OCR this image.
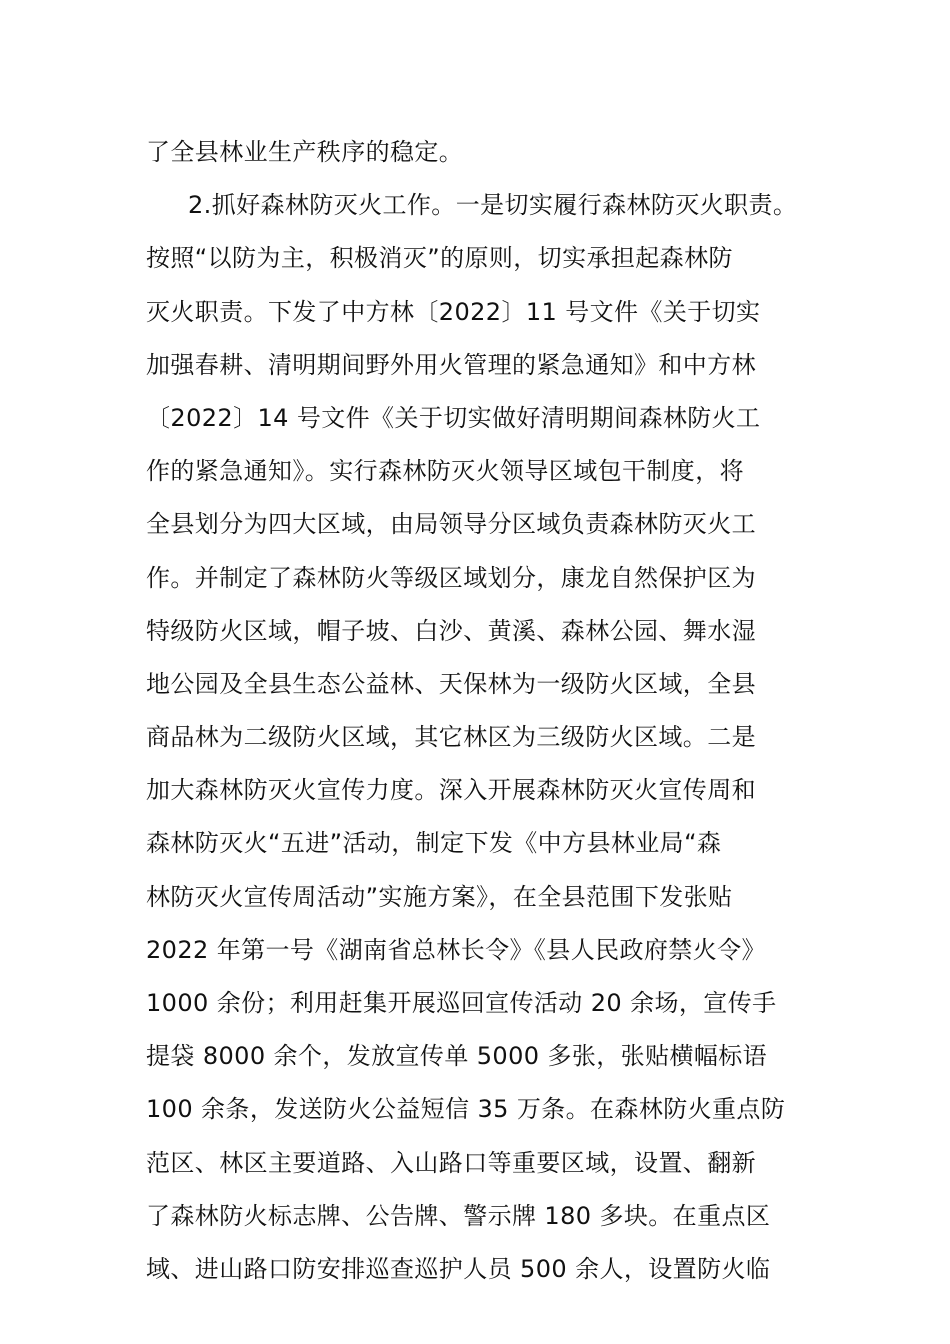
了全县林业生产秩序的稳定。
2.抓好森林防灭火工作。一是切实履行森林防灭火职责。
按照“以防为主，积极消灭”的原则，切实承担起森林防
灭火职责。下发了中方林〔2022〕11 号文件《关于切实
加强春耕、清明期间野外用火管理的紧急通知》和中方林
〔2022〕14 号文件《关于切实做好清明期间森林防火工
作的紧急通知》。实行森林防灭火领导区域包干制度，将
全县划分为四大区域，由局领导分区域负责森林防灭火工
作。并制定了森林防火等级区域划分，康龙自然保护区为
特级防火区域，帽子坡、白沙、黄溪、森林公园、舞水湿
地公园及全县生态公益林、天保林为一级防火区域，全县
商品林为二级防火区域，其它林区为三级防火区域。二是
加大森林防灭火宣传力度。深入开展森林防灭火宣传周和
森林防灭火“五进”活动，制定下发《中方县林业局“森
林防灭火宣传周活动”实施方案》，在全县范围下发张贴
2022 年第一号《湖南省总林长令》《县人民政府禁火令》
1000 余份；利用赶集开展巡回宣传活动 20 余场，宣传手
提袋 8000 余个，发放宣传单 5000 多张，张贴横幅标语
100 余条，发送防火公益短信 35 万条。在森林防火重点防
范区、林区主要道路、入山路口等重要区域，设置、翻新
了森林防火标志牌、公告牌、警示牌 180 多块。在重点区
域、进山路口防安排巡查巡护人员 500 余人，设置防火临
